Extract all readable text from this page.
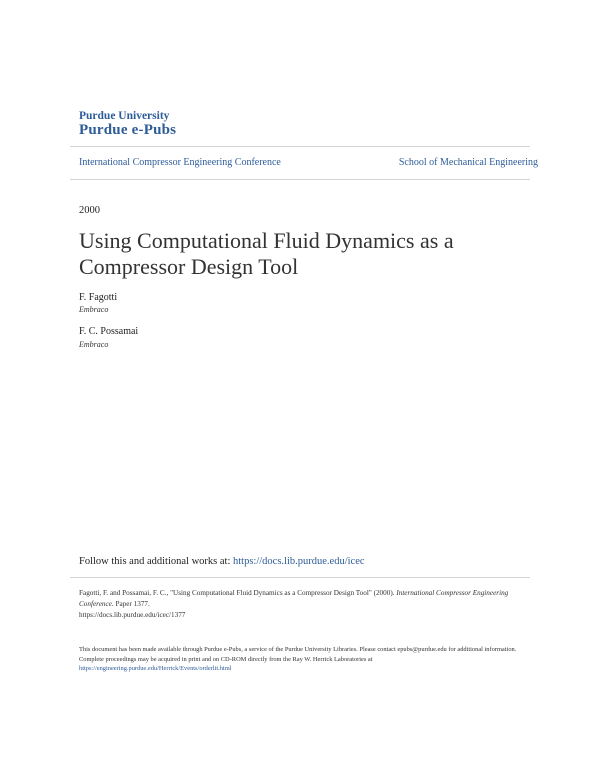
Purdue University
Purdue e-Pubs
International Compressor Engineering Conference	School of Mechanical Engineering
2000
Using Computational Fluid Dynamics as a Compressor Design Tool
F. Fagotti
Embraco
F. C. Possamai
Embraco
Follow this and additional works at: https://docs.lib.purdue.edu/icec
Fagotti, F. and Possamai, F. C., "Using Computational Fluid Dynamics as a Compressor Design Tool" (2000). International Compressor Engineering Conference. Paper 1377.
https://docs.lib.purdue.edu/icec/1377

This document has been made available through Purdue e-Pubs, a service of the Purdue University Libraries. Please contact epubs@purdue.edu for additional information.

Complete proceedings may be acquired in print and on CD-ROM directly from the Ray W. Herrick Laboratories at https://engineering.purdue.edu/Herrick/Events/orderlit.html
